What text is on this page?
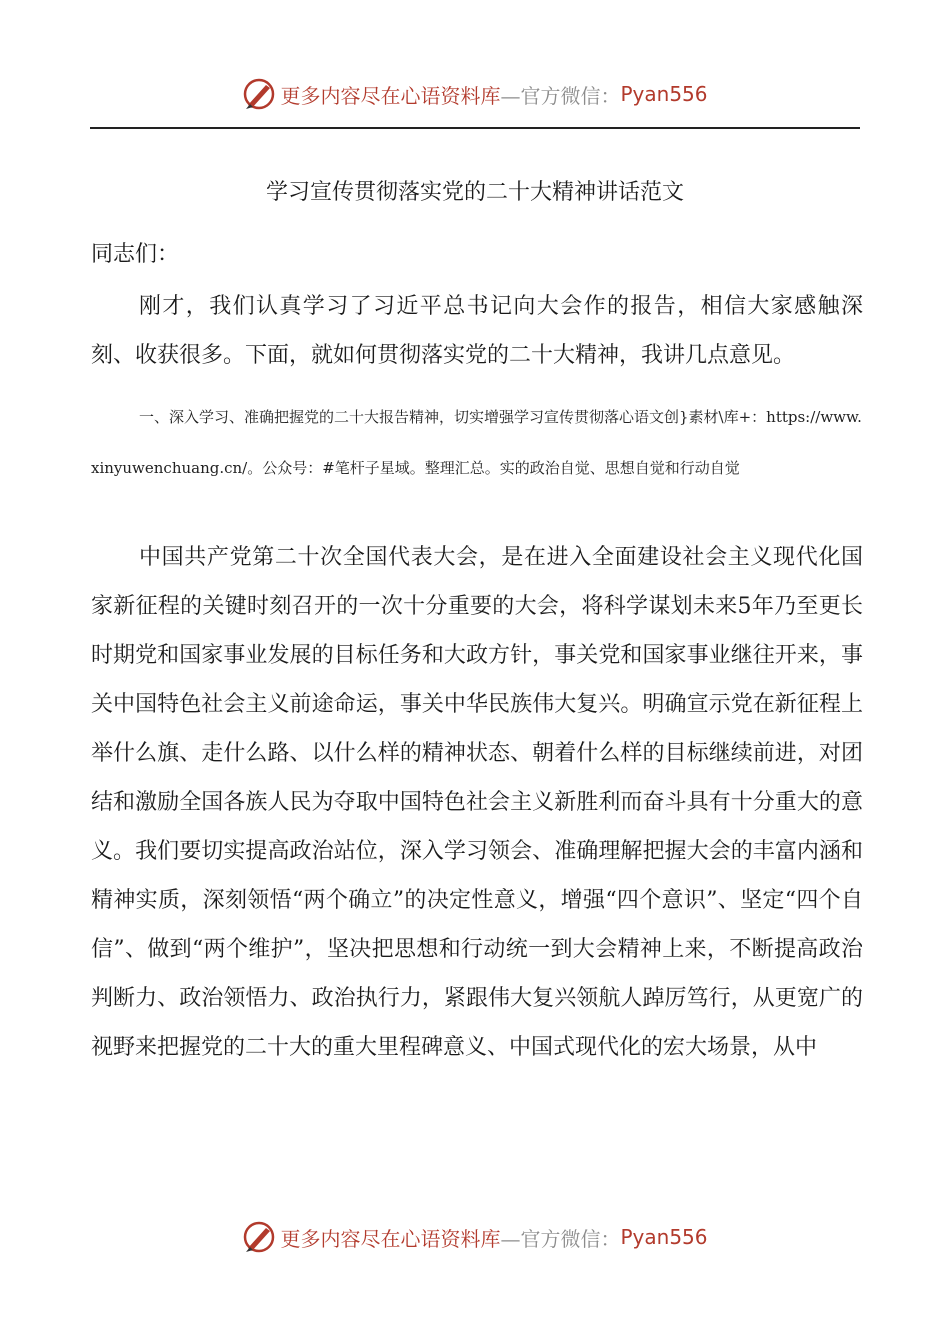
更多内容尽在心语资料库 —官方微信： Pyan556
学习宣传贯彻落实党的二十大精神讲话范文
同志们：
刚才，我们认真学习了习近平总书记向大会作的报告，相信大家感触深刻、收获很多。下面，就如何贯彻落实党的二十大精神，我讲几点意见。
一、深入学习、准确把握党的二十大报告精神，切实增强学习宣传贯彻落心语文创}素材\库+：https://www.xinyuwenchuang.cn/。公众号：#笔杆子星域。整理汇总。实的政治自觉、思想自觉和行动自觉
中国共产党第二十次全国代表大会，是在进入全面建设社会主义现代化国家新征程的关键时刻召开的一次十分重要的大会，将科学谋划未来5年乃至更长时期党和国家事业发展的目标任务和大政方针，事关党和国家事业继往开来，事关中国特色社会主义前途命运，事关中华民族伟大复兴。明确宣示党在新征程上举什么旗、走什么路、以什么样的精神状态、朝着什么样的目标继续前进，对团结和激励全国各族人民为夺取中国特色社会主义新胜利而奋斗具有十分重大的意义。我们要切实提高政治站位，深入学习领会、准确理解把握大会的丰富内涵和精神实质，深刻领悟“两个确立”的决定性意义，增强“四个意识”、坚定“四个自信”、做到“两个维护”，坚决把思想和行动统一到大会精神上来，不断提高政治判断力、政治领悟力、政治执行力，紧跟伟大复兴领航人踔厉笃行，从更宽广的视野来把握党的二十大的重大里程碑意义、中国式现代化的宏大场景，从中
更多内容尽在心语资料库 —官方微信： Pyan556
